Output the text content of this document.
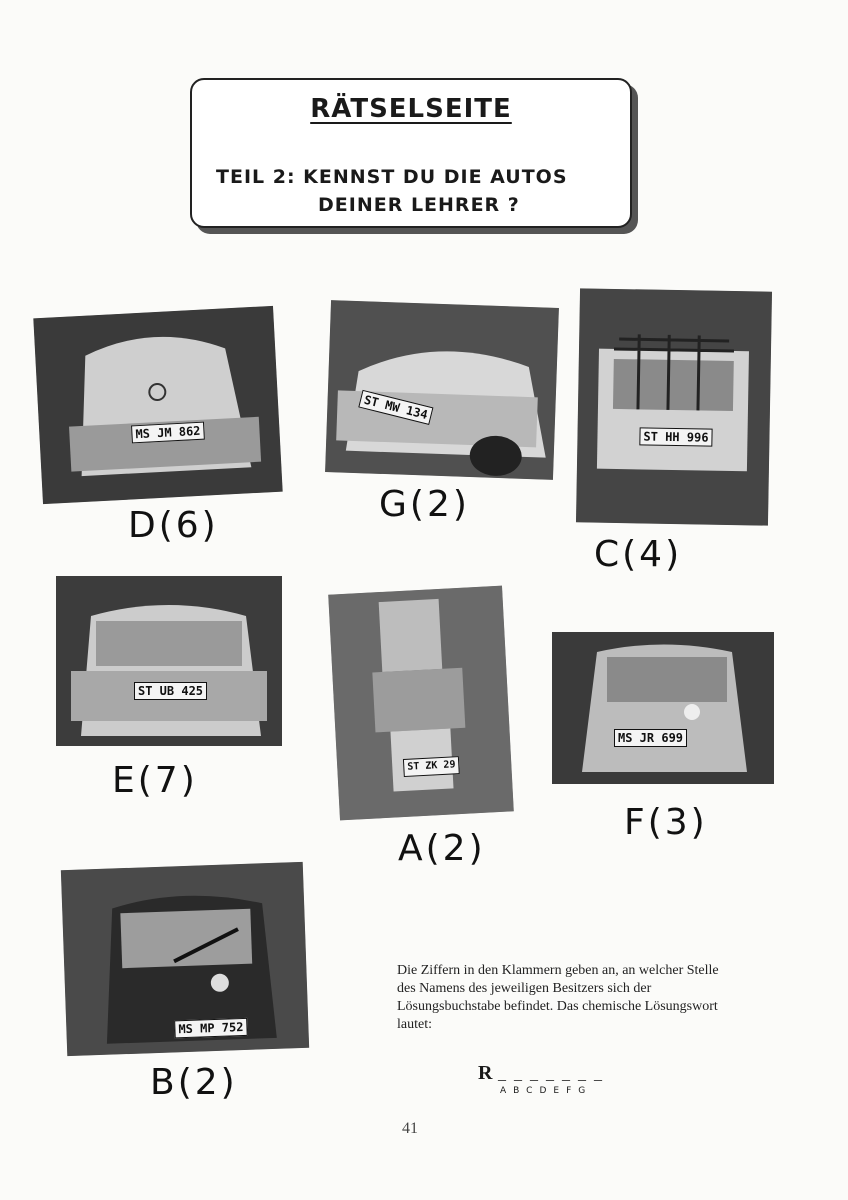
RÄTSELSEITE
TEIL 2: KENNST DU DIE AUTOS
DEINER LEHRER ?
MS JM 862
D(6)
ST MW 134
G(2)
ST HH 996
C(4)
ST UB 425
E(7)	ST ZK 29
A(2)
MS JR 699
F(3)
MS MP 752
B(2)
Die Ziffern in den Klammern geben an, an welcher Stelle des Namens des jeweiligen Besitzers sich der Lösungsbuchstabe befindet. Das chemische Lösungswort lautet:
R _ _ _ _ _ _ _
ABCDEFG
41
